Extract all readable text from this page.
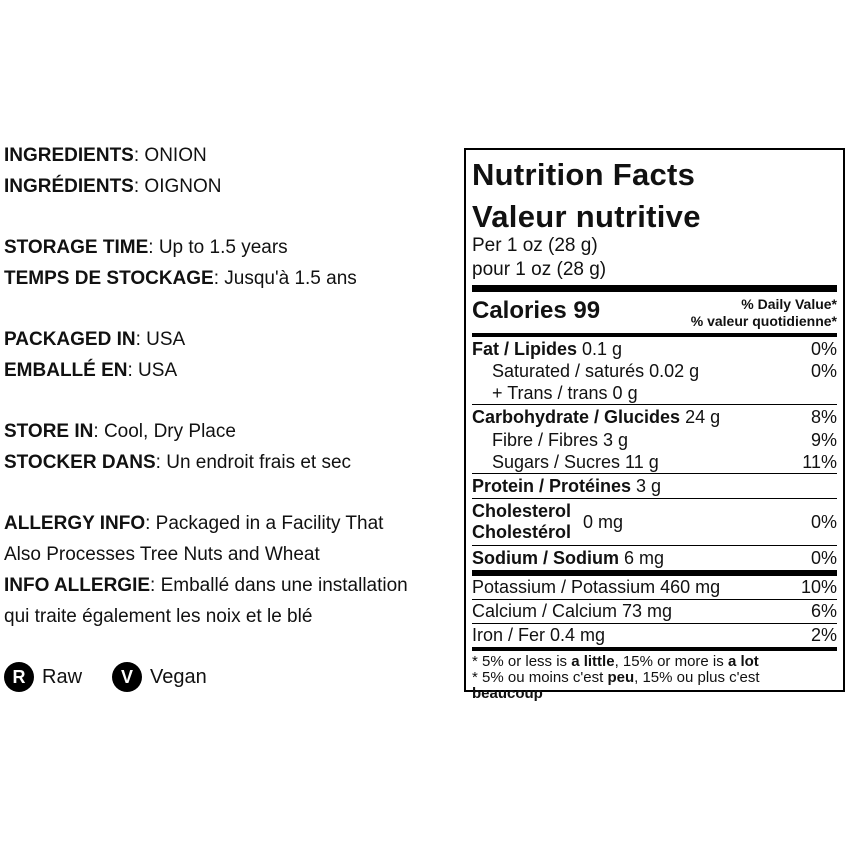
INGREDIENTS: ONION
INGRÉDIENTS: OIGNON
STORAGE TIME: Up to 1.5 years
TEMPS DE STOCKAGE: Jusqu'à 1.5 ans
PACKAGED IN: USA
EMBALLÉ EN: USA
STORE IN: Cool, Dry Place
STOCKER DANS: Un endroit frais et sec
ALLERGY INFO: Packaged in a Facility That
Also Processes Tree Nuts and Wheat
INFO ALLERGIE: Emballé dans une installation
qui traite également les noix et le blé
R Raw	V Vegan
Nutrition Facts
Valeur nutritive
Per 1 oz (28 g)
pour 1 oz (28 g)
Calories 99	% Daily Value*
% valeur quotidienne*
Fat / Lipides 0.1 g	0%
Saturated / saturés 0.02 g	0%
+ Trans / trans 0 g
Carbohydrate / Glucides 24 g	8%
Fibre / Fibres 3 g	9%
Sugars / Sucres 11 g	11%
Protein / Protéines 3 g
Cholesterol
Cholestérol
0 mg	0%
Sodium / Sodium 6 mg	0%
Potassium / Potassium 460 mg	10%
Calcium / Calcium 73 mg	6%
Iron / Fer 0.4 mg	2%
* 5% or less is a little, 15% or more is a lot
* 5% ou moins c'est peu, 15% ou plus c'est
beaucoup
